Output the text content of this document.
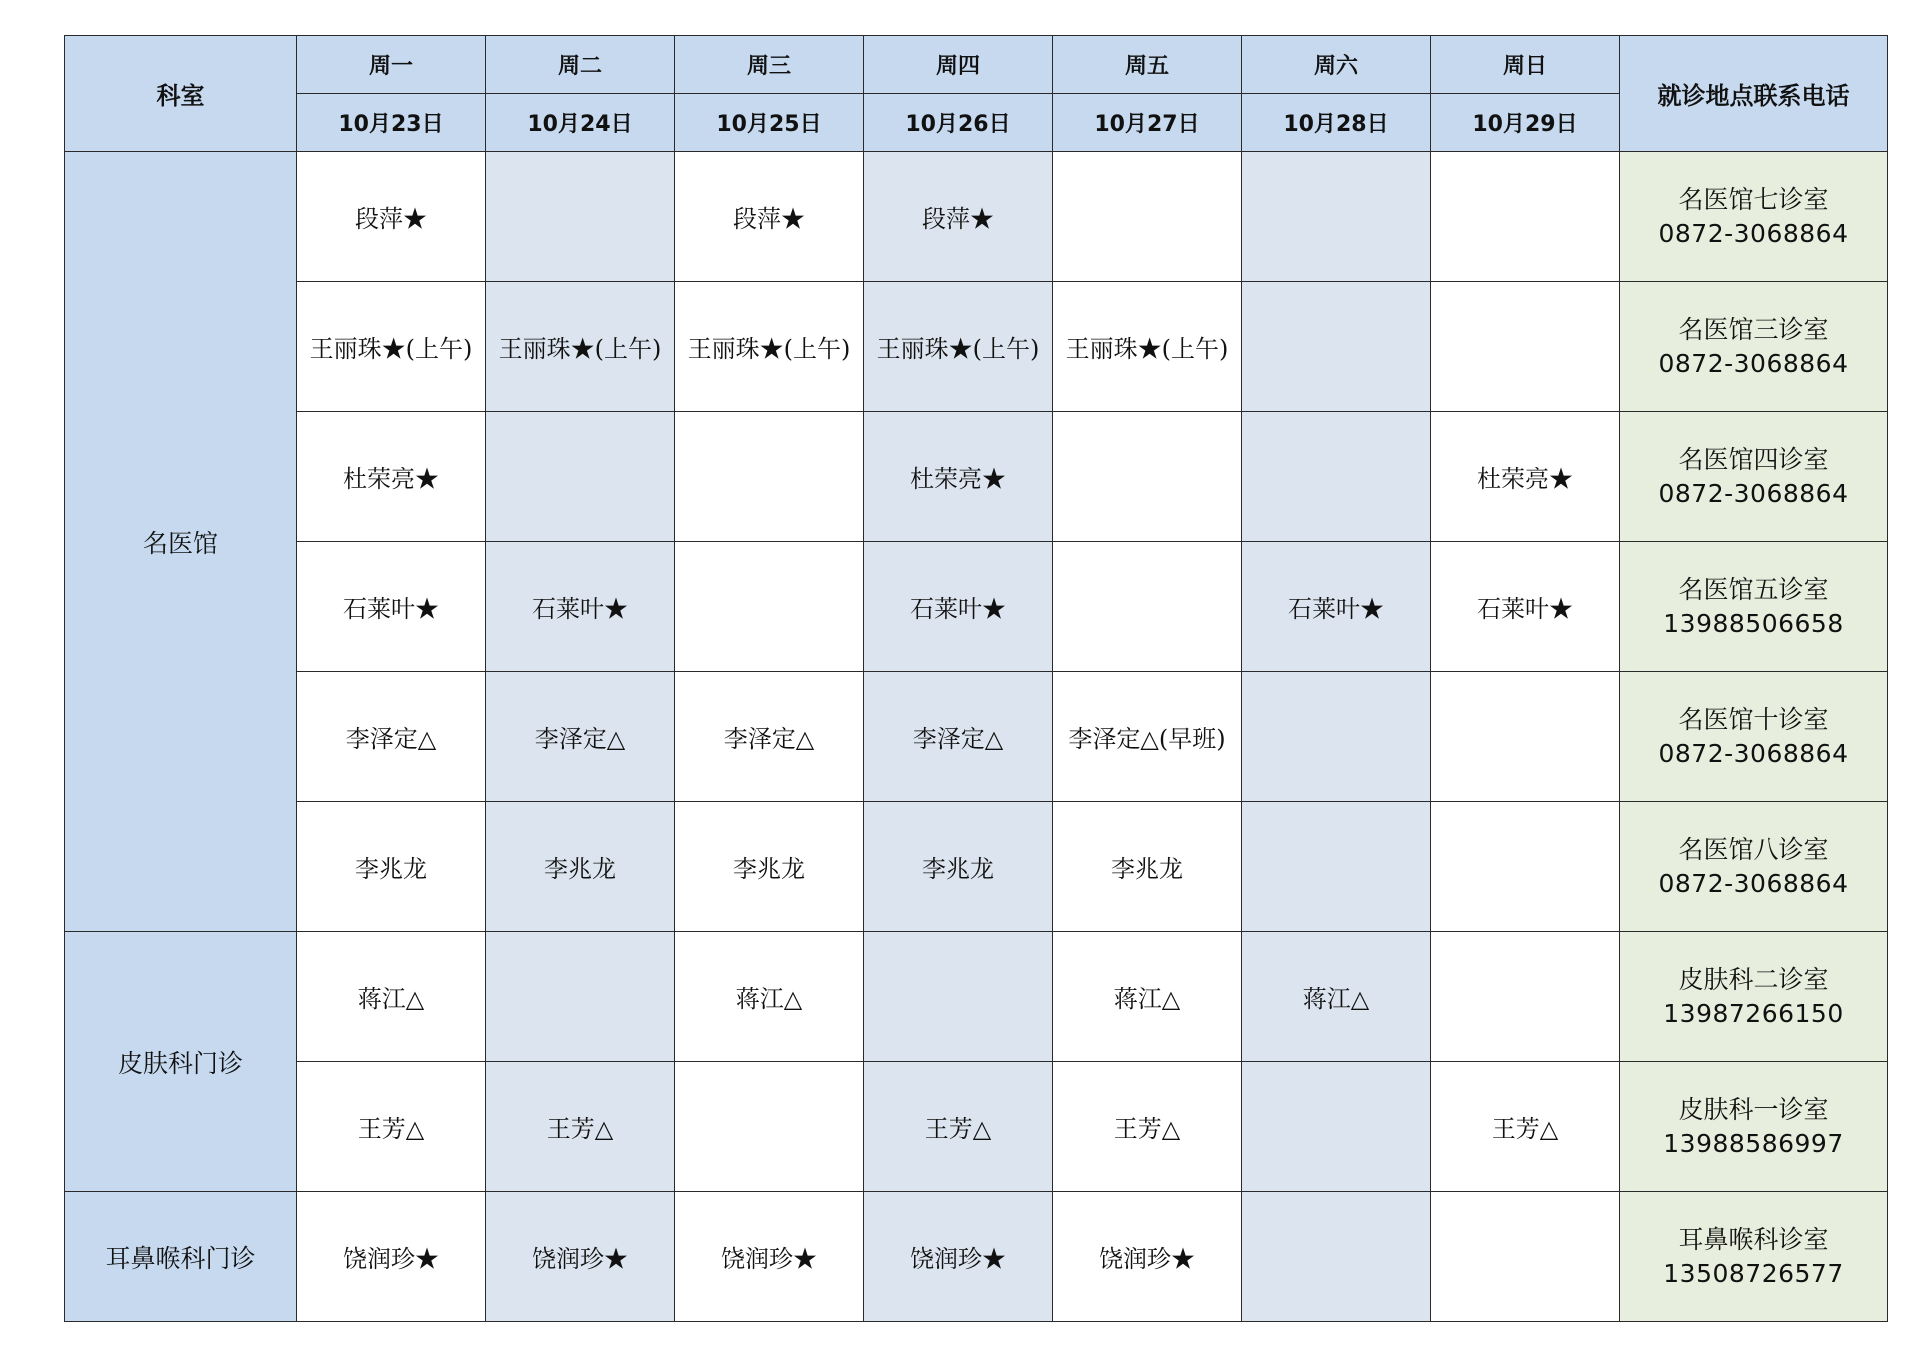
科室	周一	周二	周三	周四	周五	周六	周日	就诊地点联系电话
	10月23日	10月24日	10月25日	10月26日	10月27日	10月28日	10月29日	
名医馆	段萍★		段萍★	段萍★				名医馆七诊室
0872-3068864

	王丽珠★(上午)	王丽珠★(上午)	王丽珠★(上午)	王丽珠★(上午)	王丽珠★(上午)			名医馆三诊室
0872-3068864

	杜荣亮★			杜荣亮★			杜荣亮★	名医馆四诊室
0872-3068864

	石莱叶★	石莱叶★		石莱叶★		石莱叶★	石莱叶★	名医馆五诊室
13988506658

	李泽定△	李泽定△	李泽定△	李泽定△	李泽定△(早班)			名医馆十诊室
0872-3068864

	李兆龙	李兆龙	李兆龙	李兆龙	李兆龙			名医馆八诊室
0872-3068864

皮肤科门诊	蒋江△		蒋江△		蒋江△	蒋江△		皮肤科二诊室
13987266150

	王芳△	王芳△		王芳△	王芳△		王芳△	皮肤科一诊室
13988586997

耳鼻喉科门诊	饶润珍★	饶润珍★	饶润珍★	饶润珍★	饶润珍★			耳鼻喉科诊室
13508726577
